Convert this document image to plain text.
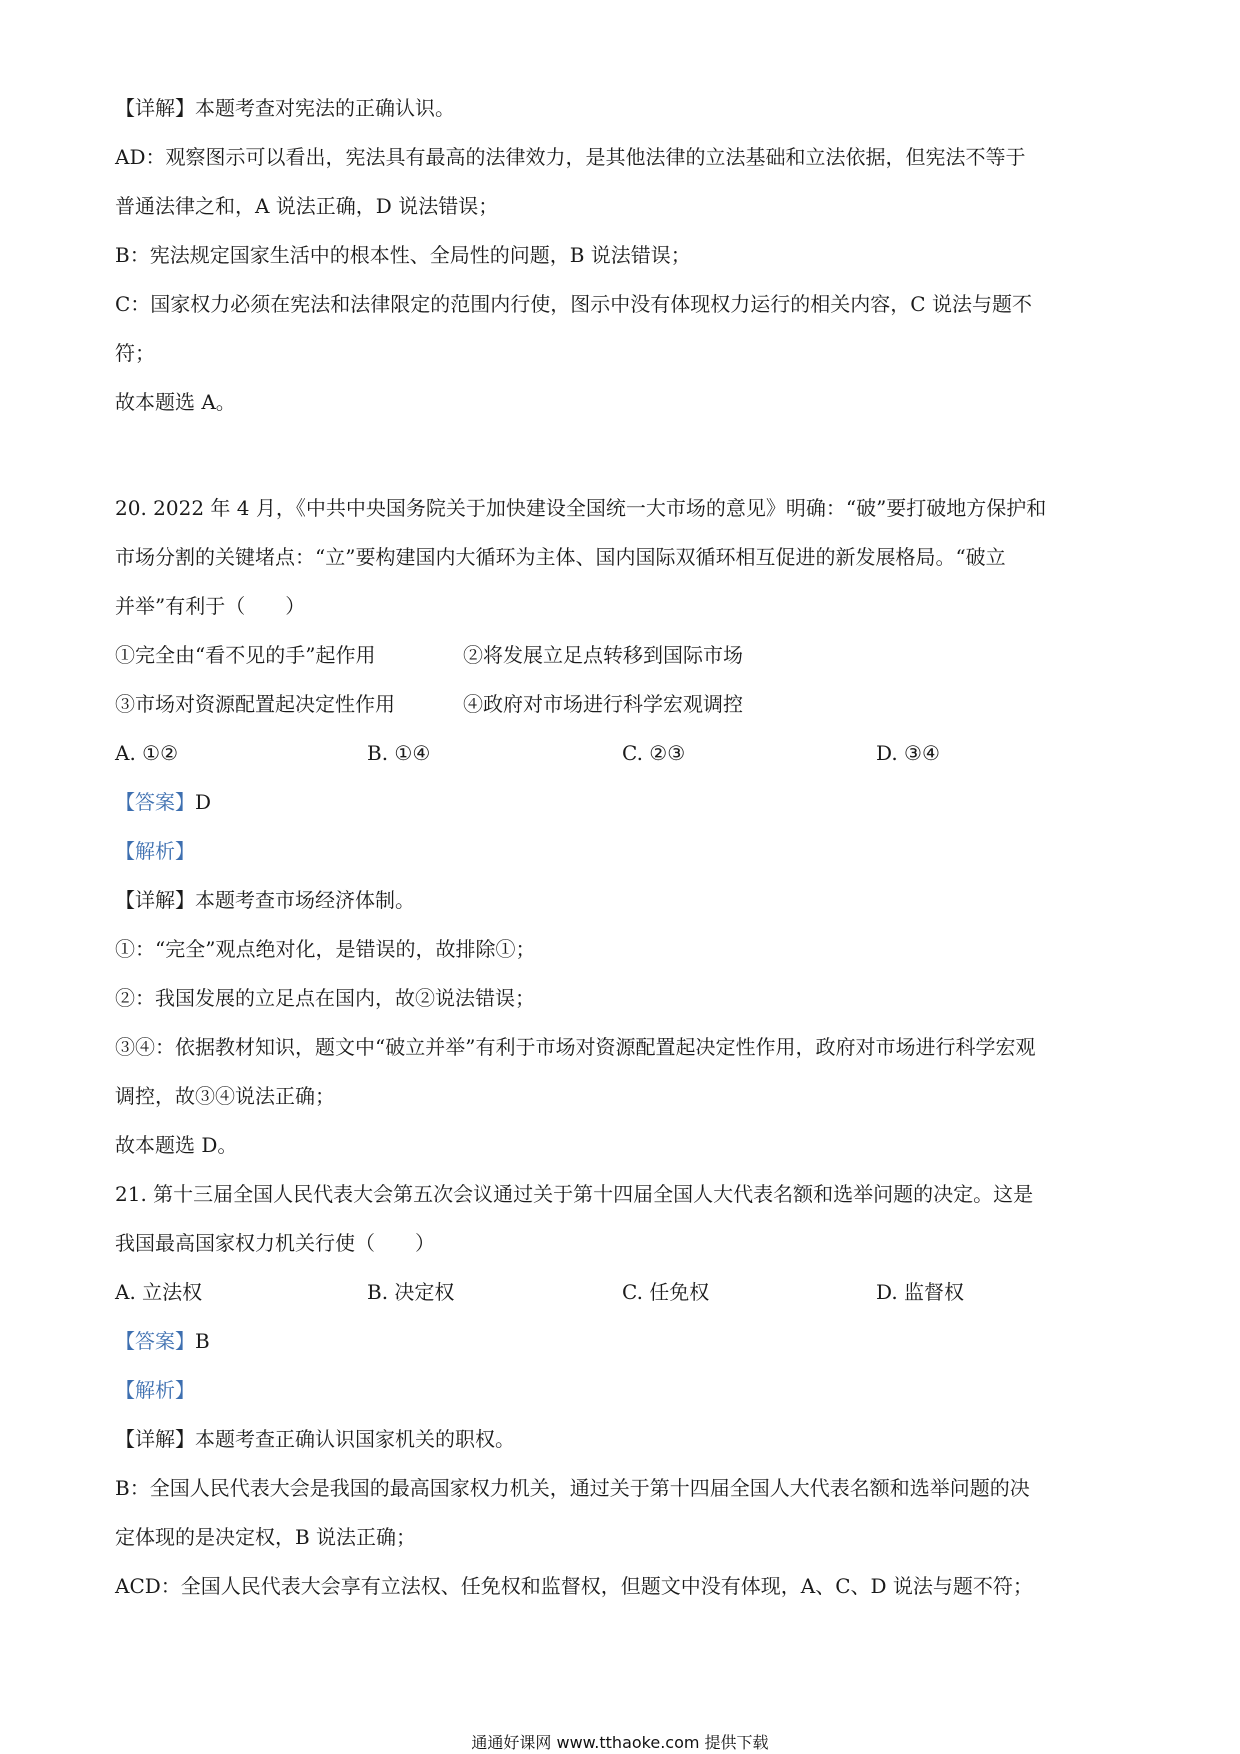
【详解】本题考查对宪法的正确认识。
AD：观察图示可以看出，宪法具有最高的法律效力，是其他法律的立法基础和立法依据，但宪法不等于
普通法律之和，A 说法正确，D 说法错误；
B：宪法规定国家生活中的根本性、全局性的问题，B 说法错误；
C：国家权力必须在宪法和法律限定的范围内行使，图示中没有体现权力运行的相关内容，C 说法与题不
符；
故本题选 A。
20. 2022 年 4 月，《中共中央国务院关于加快建设全国统一大市场的意见》明确：“破”要打破地方保护和
市场分割的关键堵点：“立”要构建国内大循环为主体、国内国际双循环相互促进的新发展格局。“破立
并举”有利于（　　）
①完全由“看不见的手”起作用	②将发展立足点转移到国际市场
③市场对资源配置起决定性作用	④政府对市场进行科学宏观调控
A. ①②	B. ①④	C. ②③	D. ③④
【答案】D
【解析】
【详解】本题考查市场经济体制。
①：“完全”观点绝对化，是错误的，故排除①；
②：我国发展的立足点在国内，故②说法错误；
③④：依据教材知识，题文中“破立并举”有利于市场对资源配置起决定性作用，政府对市场进行科学宏观
调控，故③④说法正确；
故本题选 D。
21. 第十三届全国人民代表大会第五次会议通过关于第十四届全国人大代表名额和选举问题的决定。这是
我国最高国家权力机关行使（　　）
A. 立法权	B. 决定权	C. 任免权	D. 监督权
【答案】B
【解析】
【详解】本题考查正确认识国家机关的职权。
B：全国人民代表大会是我国的最高国家权力机关，通过关于第十四届全国人大代表名额和选举问题的决
定体现的是决定权，B 说法正确；
ACD：全国人民代表大会享有立法权、任免权和监督权，但题文中没有体现，A、C、D 说法与题不符；
通通好课网 www.tthaoke.com 提供下载
